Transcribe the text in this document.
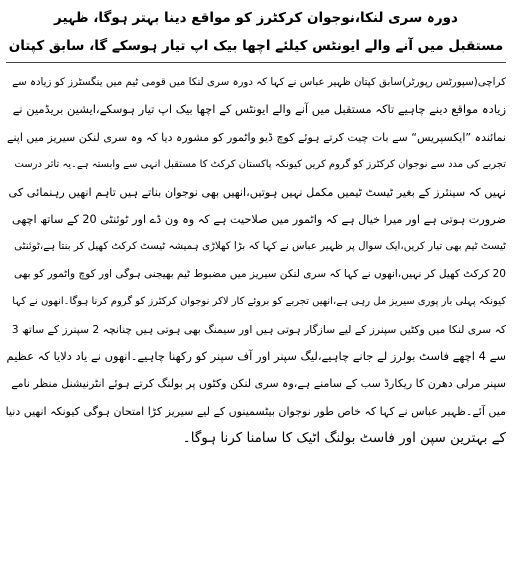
دورہ سری لنکا،نوجوان کرکٹرز کو مواقع دینا بہتر ہوگا، ظہیر
مستقبل میں آنے والے ایونٹس کیلئے اچھا بیک اپ تیار ہوسکے گا، سابق کپتان

کراچی(سپورٹس رپورٹر)سابق کپتان ظہیر عباس نے کہا کہ دورہ سری لنکا میں قومی ٹیم میں ینگسٹرز کو زیادہ سے

زیادہ مواقع دینے چاہیے تاکہ مستقبل میں آنے والے ایونٹس کے اچھا بیک اپ تیار ہوسکے،ایشین بریڈمین نے

نمائندہ ”ایکسپریس“ سے بات چیت کرتے ہوئے کوچ ڈیو واٹمور کو مشورہ دیا کہ وہ سری لنکن سیریز میں اپنے

تجربے کی مدد سے نوجوان کرکٹرز کو گروم کریں کیونکہ پاکستان کرکٹ کا مستقبل انہی سے وابستہ ہے۔یہ تاثر درست

نہیں کہ سینئرز کے بغیر ٹیسٹ ٹیمیں مکمل نہیں ہوتیں،انھیں بھی نوجوان بناتے ہیں تاہم انھیں رہنمائی کی

ضرورت ہوتی ہے اور میرا خیال ہے کہ واٹمور میں صلاحیت ہے کہ وہ ون ڈے اور ٹوئنٹی 20 کے ساتھ اچھی

ٹیسٹ ٹیم بھی تیار کریں،ایک سوال پر ظہیر عباس نے کہا کہ بڑا کھلاڑی ہمیشہ ٹیسٹ کرکٹ کھیل کر بنتا ہے،ٹوئنٹی

20 کرکٹ کھیل کر نہیں،انھوں نے کہا کہ سری لنکن سیریز میں مضبوط ٹیم بھیجنی ہوگی اور کوچ واٹمور کو بھی

کیونکہ پہلی بار پوری سیریز مل رہی ہے،انھیں تجربے کو بروئے کار لاکر نوجوان کرکٹرز کو گروم کرنا ہوگا۔انھوں نے کہا

کہ سری لنکا میں وکٹیں سپنرز کے لیے سازگار ہوتی ہیں اور سیمنگ بھی ہوتی ہیں چنانچہ 2 سپنرز کے ساتھ 3

سے 4 اچھے فاسٹ بولرز لے جانے چاہیے،لیگ سپنر اور آف سپنر کو رکھنا چاہیے۔انھوں نے یاد دلایا کہ عظیم

سپنر مرلی دھرن کا ریکارڈ سب کے سامنے ہے،وہ سری لنکن وکٹوں پر بولنگ کرتے ہوئے انٹرنیشنل منظر نامے

میں آئے۔ظہیر عباس نے کہا کہ خاص طور نوجوان بیٹسمینوں کے لیے سیریز کڑا امتحان ہوگی کیونکہ انھیں دنیا

کے بہترین سپن اور فاسٹ بولنگ اٹیک کا سامنا کرنا ہوگا۔
